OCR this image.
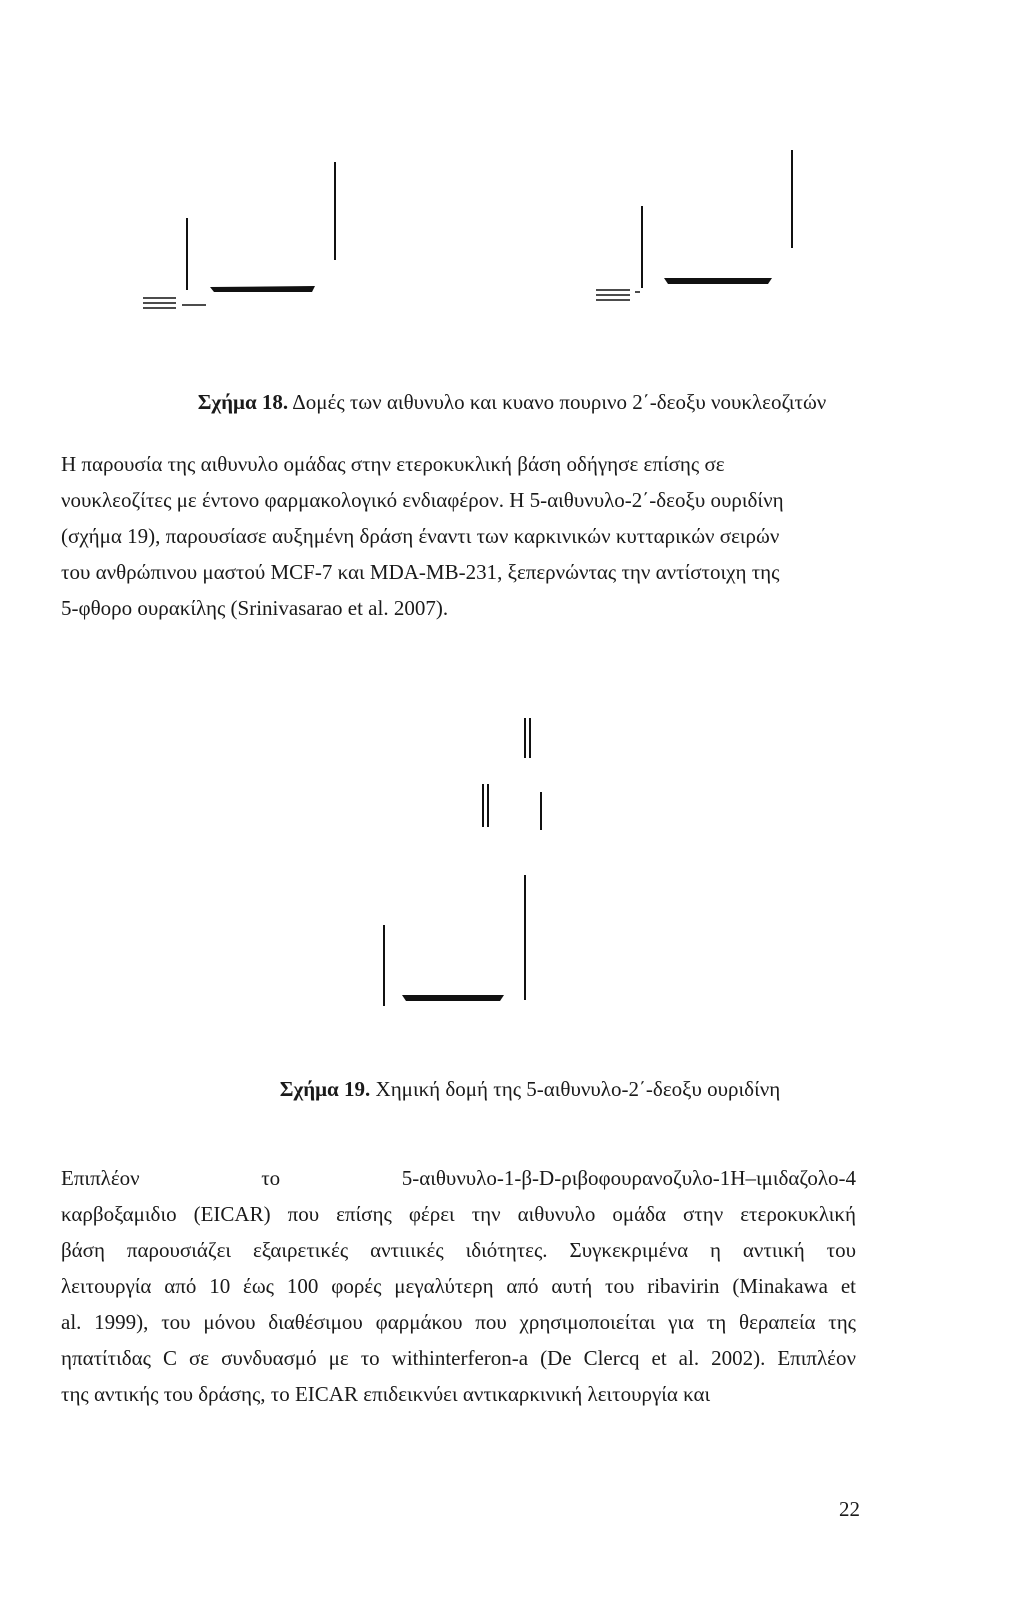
Σχήμα 18. Δομές των αιθυνυλο και κυανο πουρινο 2΄-δεοξυ νουκλεοζιτών
Η παρουσία της αιθυνυλο ομάδας στην ετεροκυκλική βάση οδήγησε επίσης σε
νουκλεοζίτες με έντονο φαρμακολογικό ενδιαφέρον. Η 5-αιθυνυλο-2΄-δεοξυ ουριδίνη
(σχήμα 19), παρουσίασε αυξημένη δράση έναντι των καρκινικών κυτταρικών σειρών
του ανθρώπινου μαστού MCF-7 και MDA-MB-231, ξεπερνώντας την αντίστοιχη της
5-φθορο ουρακίλης (Srinivasarao et al. 2007).
Σχήμα 19. Χημική δομή της 5-αιθυνυλο-2΄-δεοξυ ουριδίνη
Επιπλέον το 5-αιθυνυλο-1-β-D-ριβοφουρανοζυλο-1H–ιμιδαζολο-4
καρβοξαμιδιο (EICAR) που επίσης φέρει την αιθυνυλο ομάδα στην ετεροκυκλική
βάση παρουσιάζει εξαιρετικές αντιιικές ιδιότητες. Συγκεκριμένα η αντιική του
λειτουργία από 10 έως 100 φορές μεγαλύτερη από αυτή του ribavirin (Minakawa et
al. 1999), του μόνου διαθέσιμου φαρμάκου που χρησιμοποιείται για τη θεραπεία της
ηπατίτιδας C σε συνδυασμό με το withinterferon-a (De Clercq et al. 2002). Επιπλέον
της αντικής του δράσης, το EICAR επιδεικνύει αντικαρκινική λειτουργία και
22
